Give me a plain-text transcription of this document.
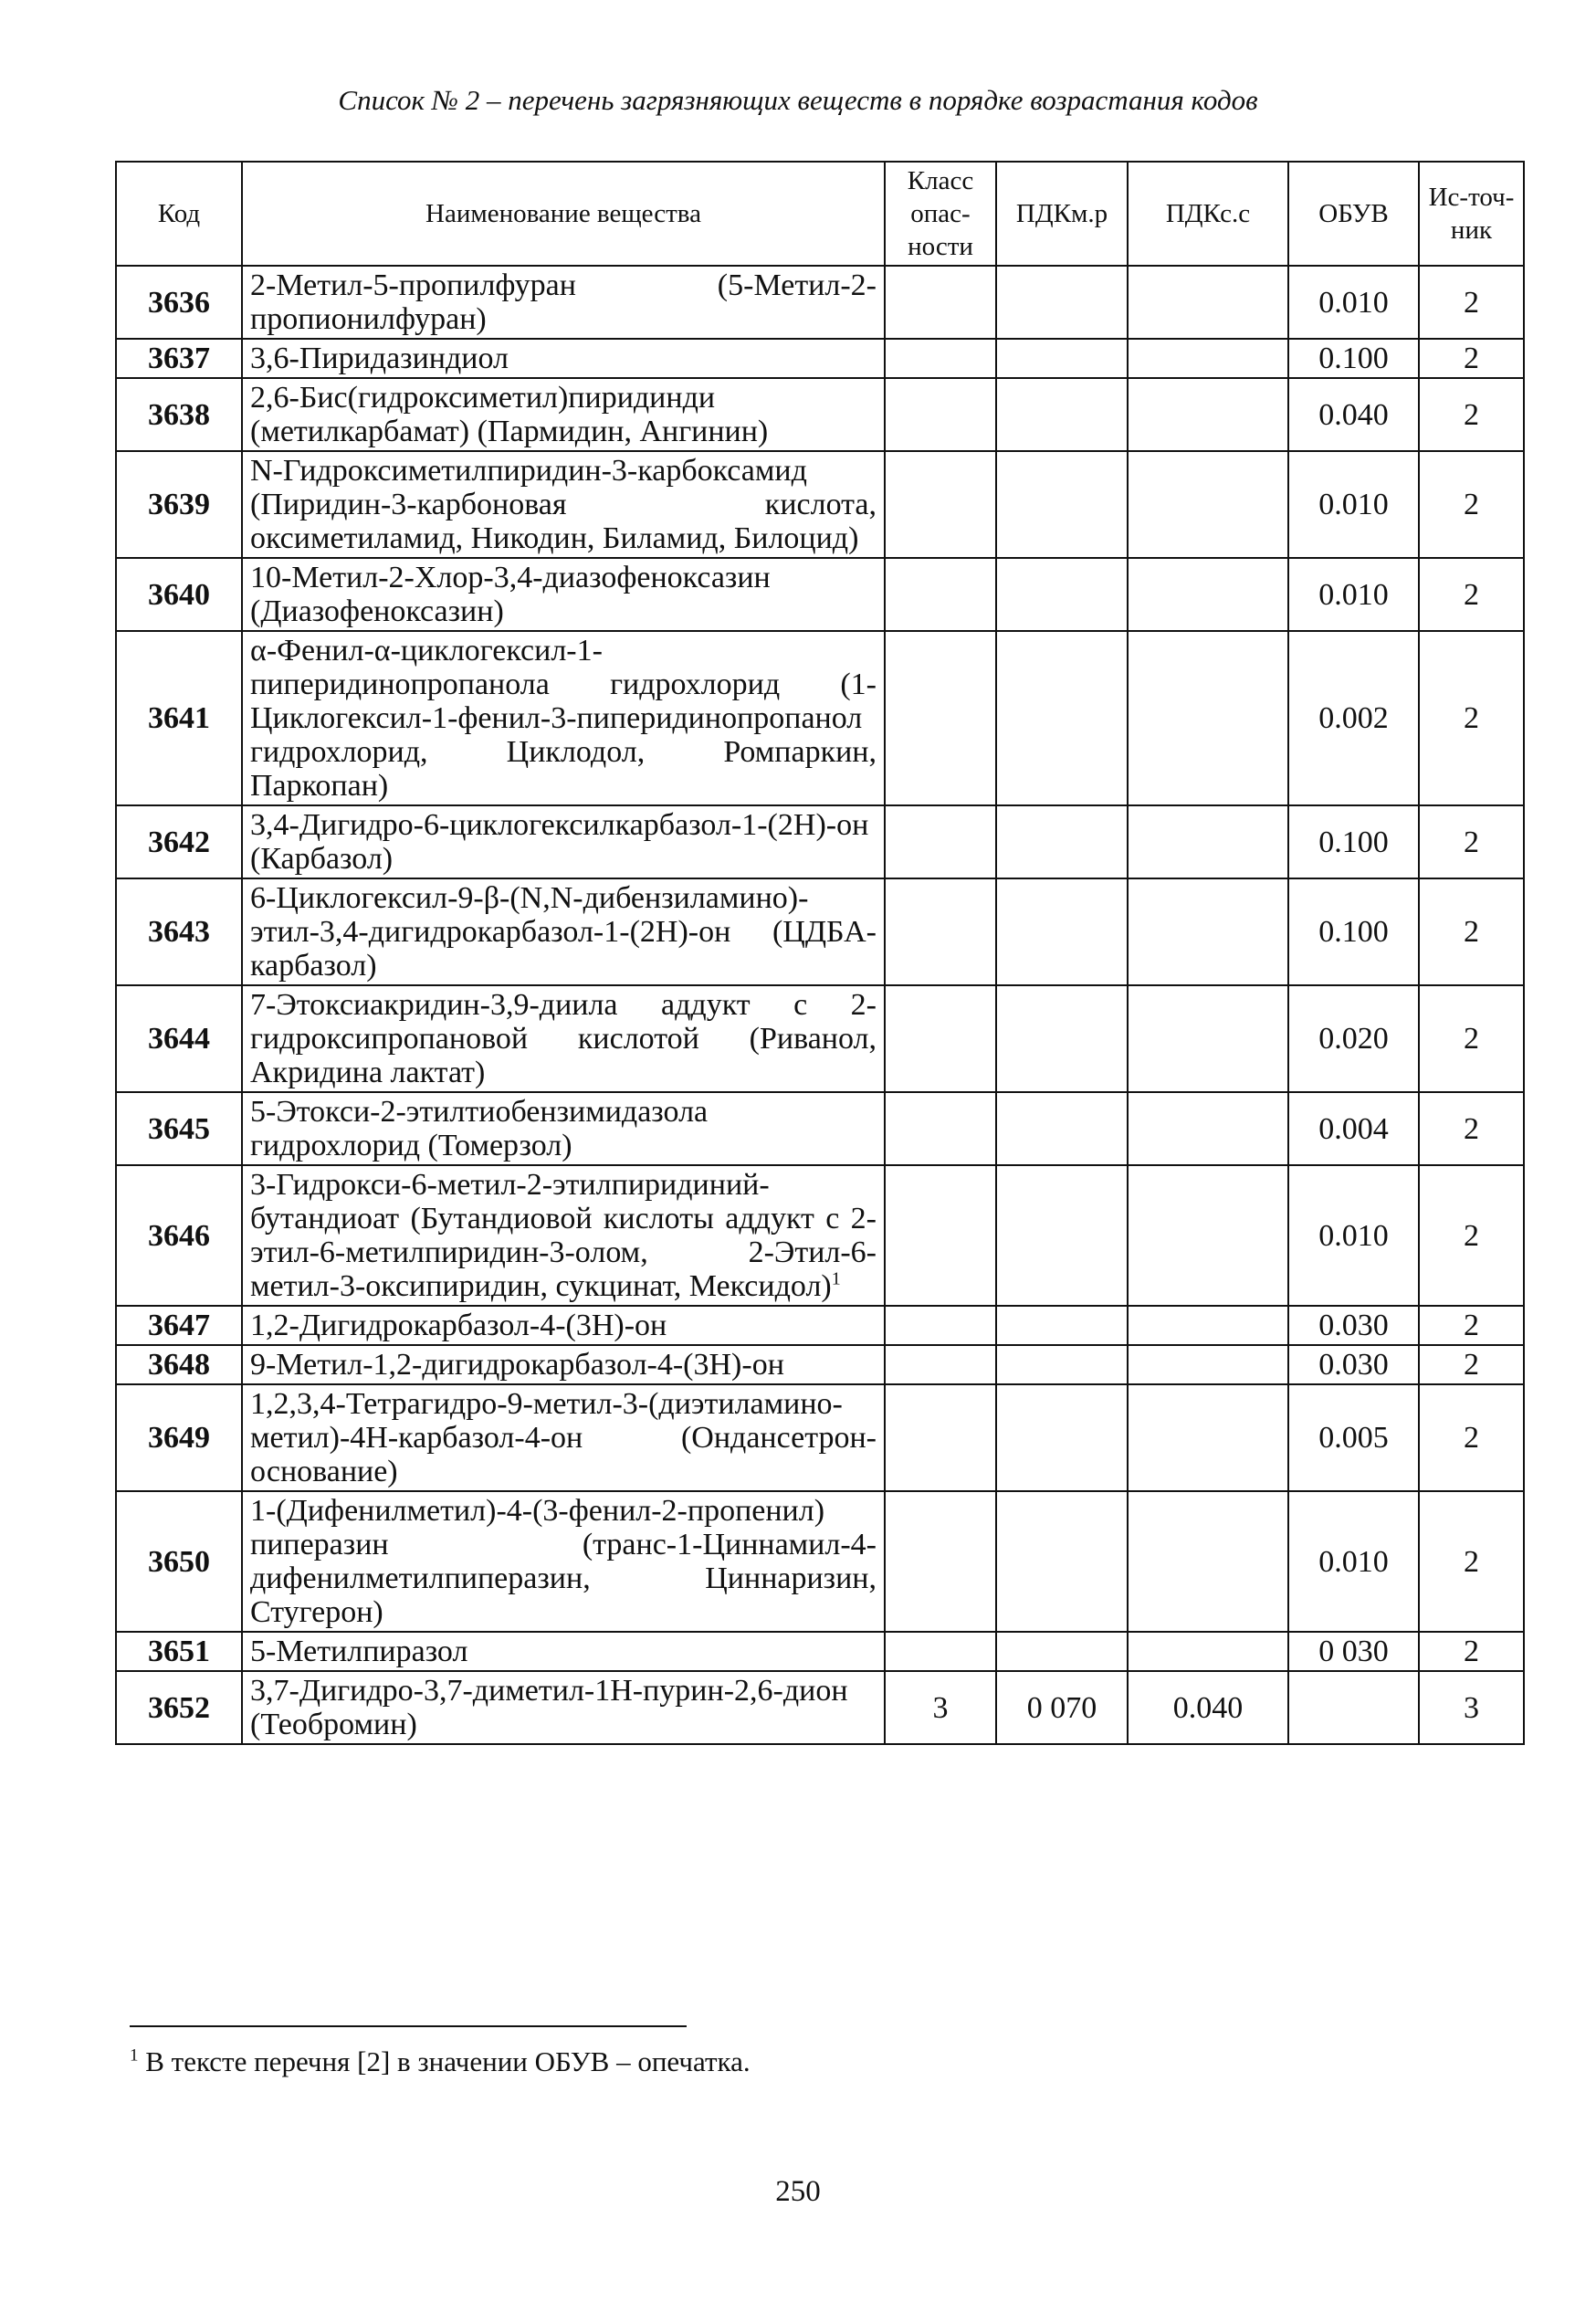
Список № 2 – перечень загрязняющих веществ в порядке возрастания кодов
Код	Наименование вещества	Класс опас-ности	ПДКм.р	ПДКс.с	ОБУВ	Ис-точ-ник
3636	2-Метил-5-пропилфуран (5-Метил-2-пропионилфуран)				0.010	2
3637	3,6-Пиридазиндиол				0.100	2
3638	2,6-Бис(гидроксиметил)пиридинди (метилкарбамат) (Пармидин, Ангинин)				0.040	2
3639	N-Гидроксиметилпиридин-3-карбоксамид (Пиридин-3-карбоновая кислота, оксиметиламид, Никодин, Биламид, Билоцид)				0.010	2
3640	10-Метил-2-Хлор-3,4-диазофеноксазин (Диазофеноксазин)				0.010	2
3641	α-Фенил-α-циклогексил-1-пиперидинопропанола гидрохлорид (1-Циклогексил-1-фенил-3-пиперидинопропанол гидрохлорид, Циклодол, Ромпаркин, Паркопан)				0.002	2
3642	3,4-Дигидро-6-циклогексилкарбазол-1-(2Н)-он (Карбазол)				0.100	2
3643	6-Циклогексил-9-β-(N,N-дибензиламино)-этил-3,4-дигидрокарбазол-1-(2Н)-он (ЦДБА-карбазол)				0.100	2
3644	7-Этоксиакридин-3,9-диила аддукт с 2-гидроксипропановой кислотой (Риванол, Акридина лактат)				0.020	2
3645	5-Этокси-2-этилтиобензимидазола гидрохлорид (Томерзол)				0.004	2
3646	3-Гидрокси-6-метил-2-этилпиридиний-бутандиоат (Бутандиовой кислоты аддукт с 2-этил-6-метилпиридин-3-олом, 2-Этил-6-метил-3-оксипиридин, сукцинат, Мексидол)$^1$				0.010	2
3647	1,2-Дигидрокарбазол-4-(3Н)-он				0.030	2
3648	9-Метил-1,2-дигидрокарбазол-4-(3Н)-он				0.030	2
3649	1,2,3,4-Тетрагидро-9-метил-3-(диэтиламино-метил)-4Н-карбазол-4-он (Ондансетрон-основание)				0.005	2
3650	1-(Дифенилметил)-4-(3-фенил-2-пропенил) пиперазин (транс-1-Циннамил-4-дифенилметилпиперазин, Циннаризин, Стугерон)				0.010	2
3651	5-Метилпиразол				0 030	2
3652	3,7-Дигидро-3,7-диметил-1Н-пурин-2,6-дион (Теобромин)	3	0 070	0.040		3
$^1$ В тексте перечня [2] в значении ОБУВ – опечатка.
250
